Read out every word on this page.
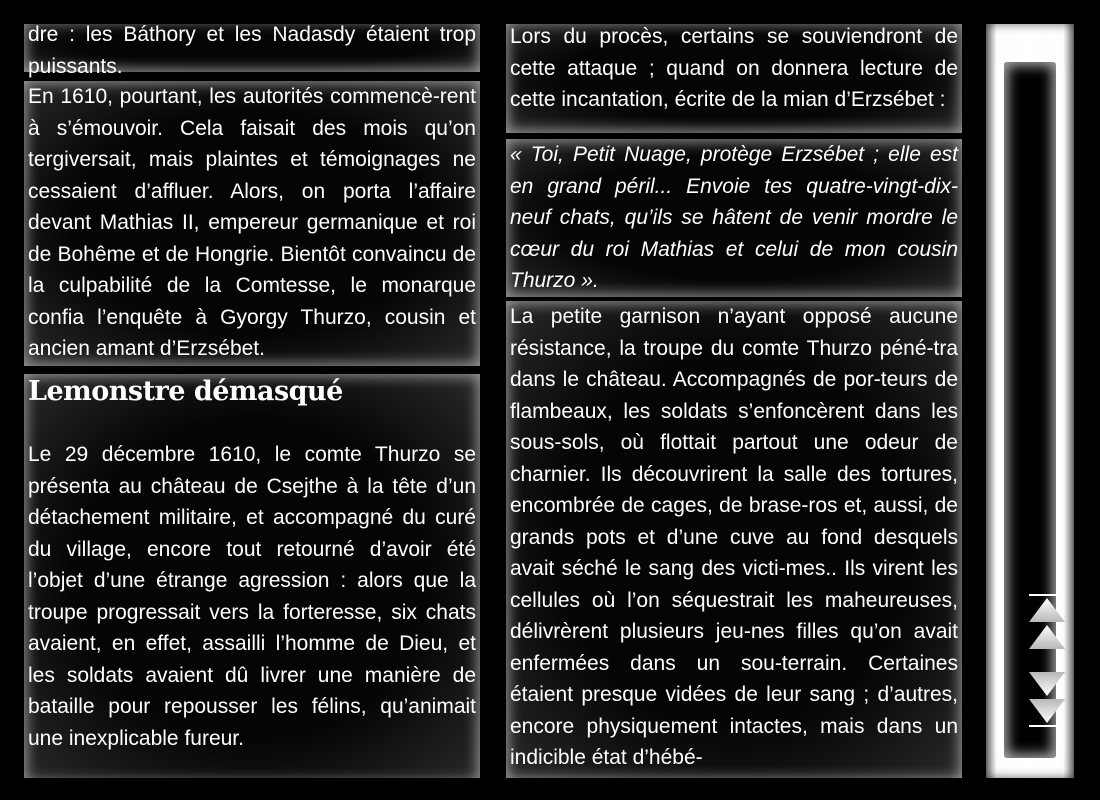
dre : les Báthory et les Nadasdy étaient trop puissants.

En 1610, pourtant, les autorités commencè-rent à s’émouvoir. Cela faisait des mois qu’on tergiversait, mais plaintes et témoignages ne cessaient d’affluer. Alors, on porta l’affaire devant Mathias II, empereur germanique et roi de Bohême et de Hongrie. Bientôt convaincu de la culpabilité de la Comtesse, le monarque confia l’enquête à Gyorgy Thurzo, cousin et ancien amant d’Erzsébet.

Lemonstre démasqué

Le 29 décembre 1610, le comte Thurzo se présenta au château de Csejthe à la tête d’un détachement militaire, et accompagné du curé du village, encore tout retourné d’avoir été l’objet d’une étrange agression : alors que la troupe progressait vers la forteresse, six chats avaient, en effet, assailli l’homme de Dieu, et les soldats avaient dû livrer une manière de bataille pour repousser les félins, qu’animait une inexplicable fureur.

Lors du procès, certains se souviendront de cette attaque ; quand on donnera lecture de cette incantation, écrite de la mian d’Erzsébet :

« Toi, Petit Nuage, protège Erzsébet ; elle est en grand péril... Envoie tes quatre-vingt-dix-neuf chats, qu’ils se hâtent de venir mordre le cœur du roi Mathias et celui de mon cousin Thurzo ».

La petite garnison n’ayant opposé aucune résistance, la troupe du comte Thurzo péné-tra dans le château. Accompagnés de por-teurs de flambeaux, les soldats s’enfoncèrent dans les sous-sols, où flottait partout une odeur de charnier. Ils découvrirent la salle des tortures, encombrée de cages, de brase-ros et, aussi, de grands pots et d’une cuve au fond desquels avait séché le sang des victi-mes.. Ils virent les cellules où l’on séquestrait les maheureuses, délivrèrent plusieurs jeu-nes filles qu’on avait enfermées dans un sou-terrain. Certaines étaient presque vidées de leur sang ; d’autres, encore physiquement intactes, mais dans un indicible état d’hébé-
